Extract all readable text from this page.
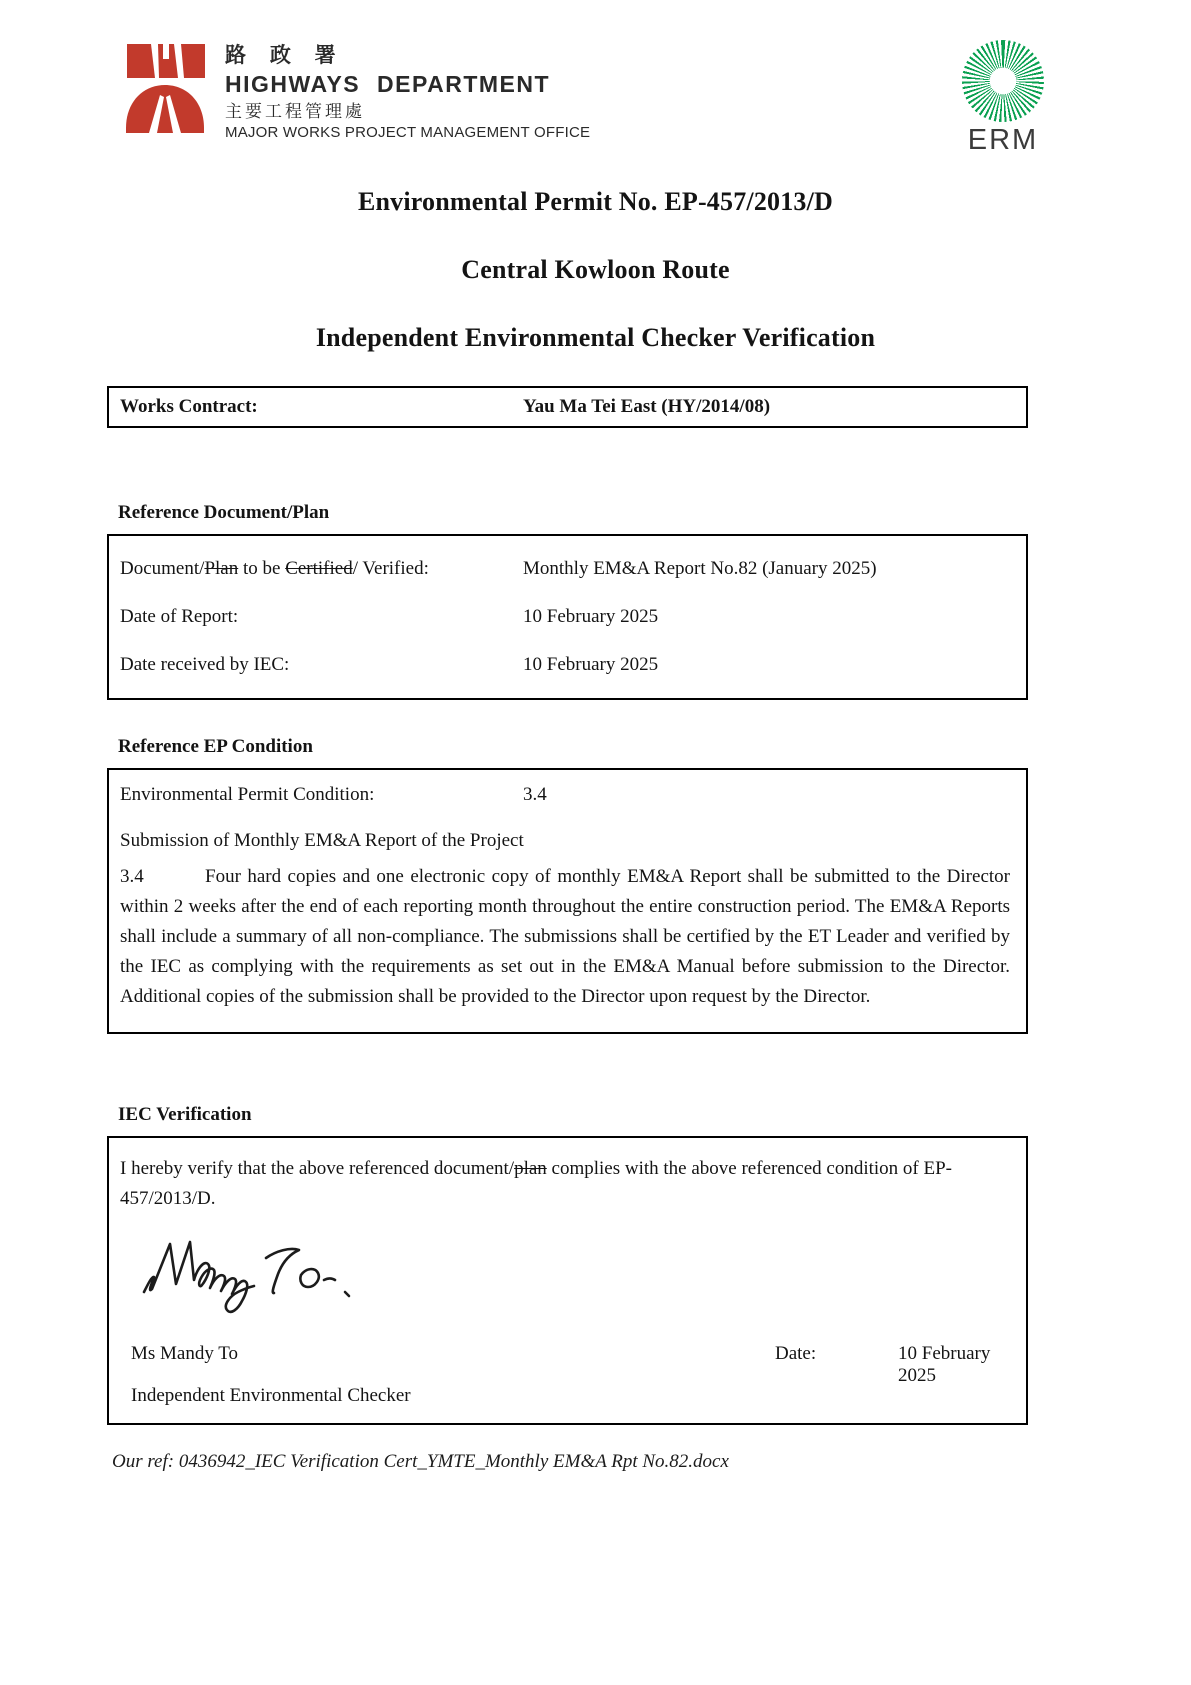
路 政 署
HIGHWAYS DEPARTMENT
主要工程管理處
MAJOR WORKS PROJECT MANAGEMENT OFFICE	ERM
Environmental Permit No. EP-457/2013/D
Central Kowloon Route
Independent Environmental Checker Verification
Works Contract:	Yau Ma Tei East (HY/2014/08)
Reference Document/Plan
Document/Plan to be Certified/ Verified:	Monthly EM&A Report No.82 (January 2025)
Date of Report:	10 February 2025
Date received by IEC:	10 February 2025
Reference EP Condition
Environmental Permit Condition:	3.4
Submission of Monthly EM&A Report of the Project
3.4	Four hard copies and one electronic copy of monthly EM&A Report shall be submitted to the Director within 2 weeks after the end of each reporting month throughout the entire construction period. The EM&A Reports shall include a summary of all non-compliance. The submissions shall be certified by the ET Leader and verified by the IEC as complying with the requirements as set out in the EM&A Manual before submission to the Director. Additional copies of the submission shall be provided to the Director upon request by the Director.
IEC Verification
I hereby verify that the above referenced document/plan complies with the above referenced condition of EP-457/2013/D.
Ms Mandy To	Date:	10 February 2025
Independent Environmental Checker
Our ref: 0436942_IEC Verification Cert_YMTE_Monthly EM&A Rpt No.82.docx
